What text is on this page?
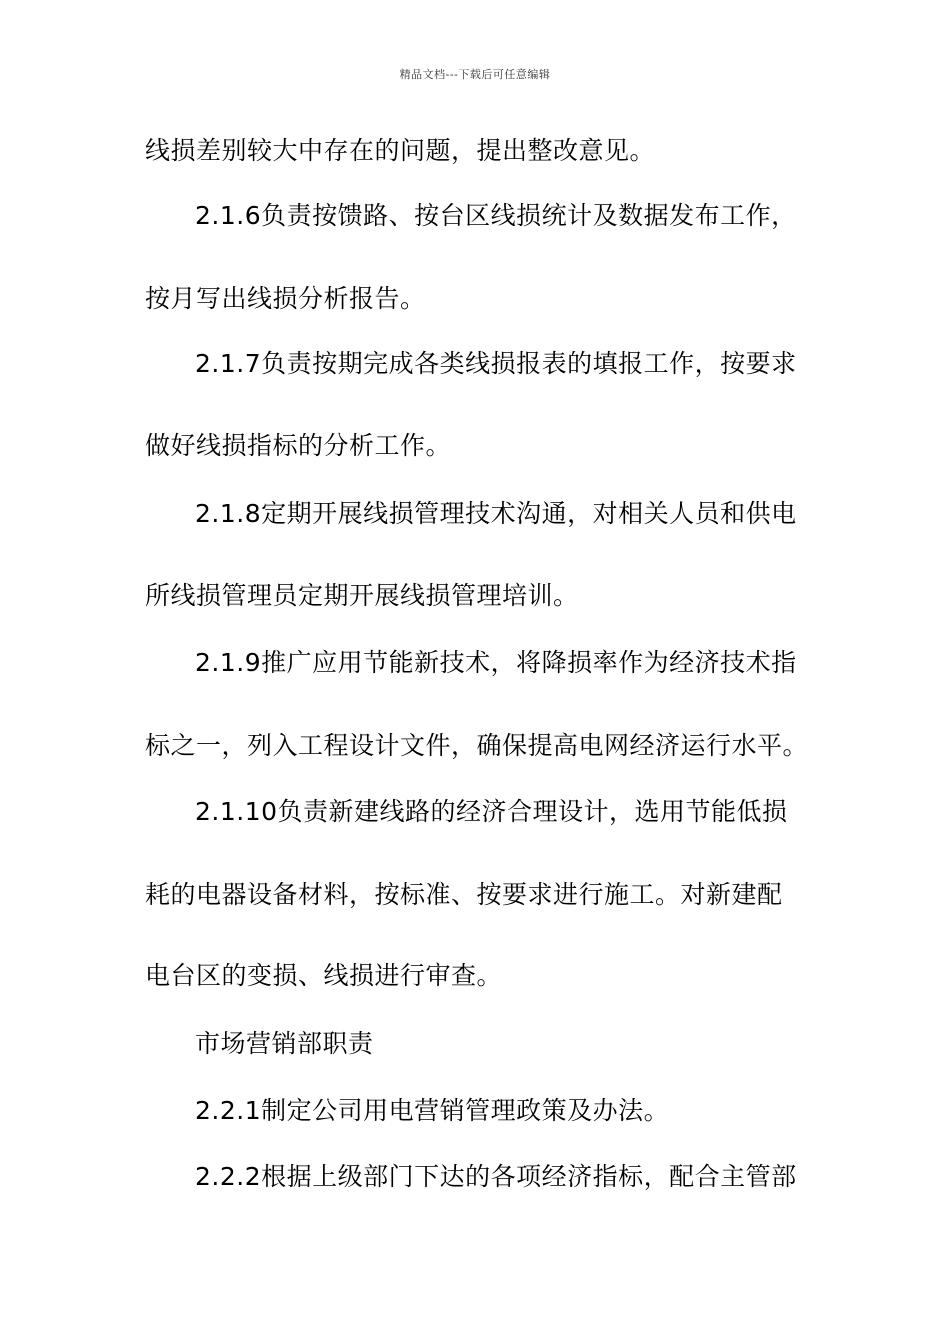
精品文档---下载后可任意编辑
线损差别较大中存在的问题，提出整改意见。
2.1.6负责按馈路、按台区线损统计及数据发布工作，
按月写出线损分析报告。
2.1.7负责按期完成各类线损报表的填报工作，按要求
做好线损指标的分析工作。
2.1.8定期开展线损管理技术沟通，对相关人员和供电
所线损管理员定期开展线损管理培训。
2.1.9推广应用节能新技术，将降损率作为经济技术指
标之一，列入工程设计文件，确保提高电网经济运行水平。
2.1.10负责新建线路的经济合理设计，选用节能低损
耗的电器设备材料，按标准、按要求进行施工。对新建配
电台区的变损、线损进行审查。
市场营销部职责
2.2.1制定公司用电营销管理政策及办法。
2.2.2根据上级部门下达的各项经济指标，配合主管部
